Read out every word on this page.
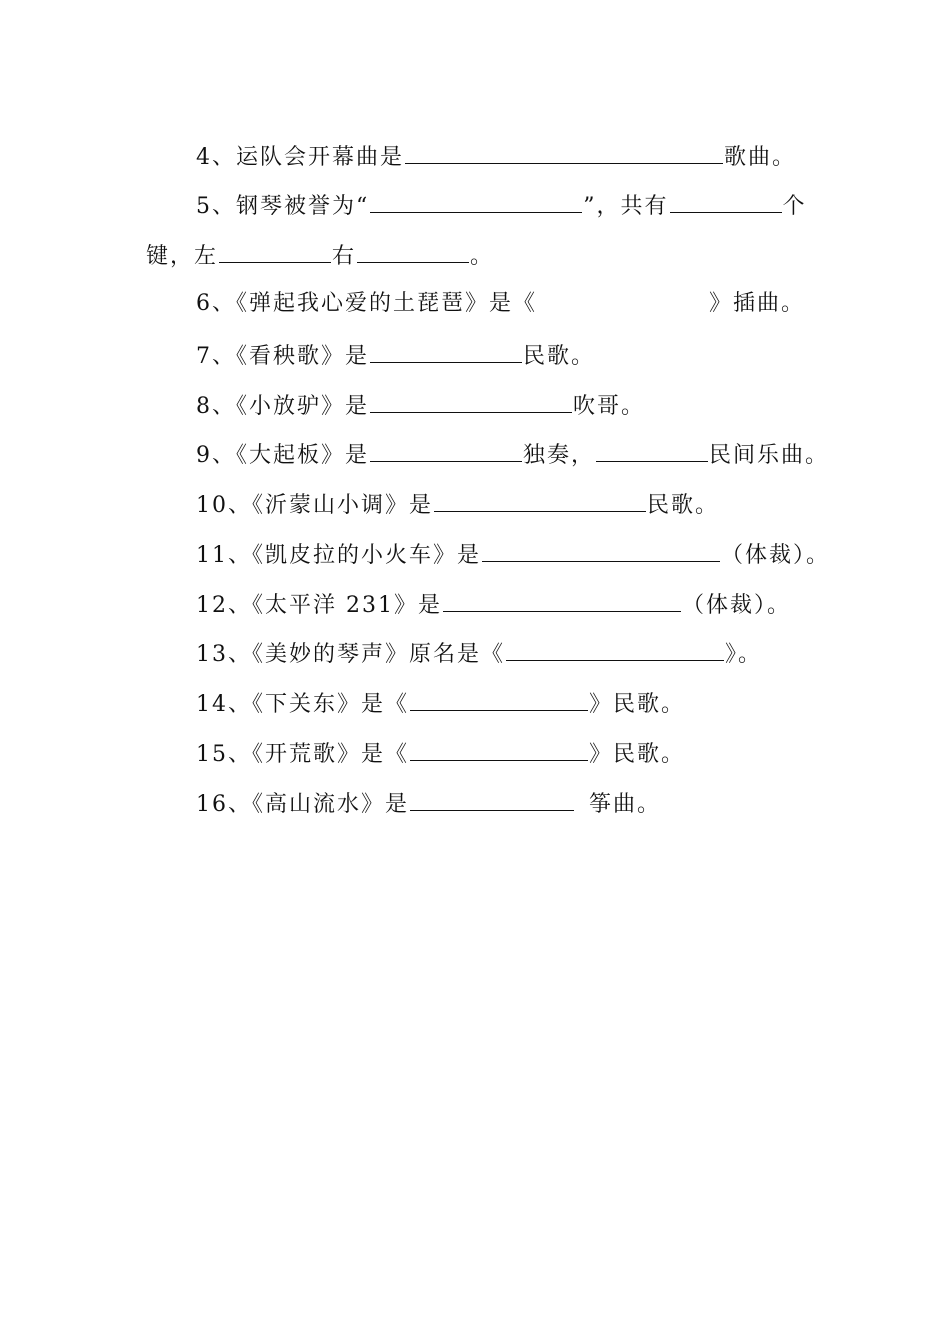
4、运队会开幕曲是	歌曲。
5、钢琴被誉为“	”，共有	个
键，左	右	。
6、《弹起我心爱的土琵琶》是《	》插曲。
7、《看秧歌》是	民歌。
8、《小放驴》是	吹哥。
9、《大起板》是	独奏，	民间乐曲。
10、《沂蒙山小调》是	民歌。
11、《凯皮拉的小火车》是	（体裁）。
12、《太平洋 231》是	（体裁）。
13、《美妙的琴声》原名是《	》。
14、《下关东》是《	》民歌。
15、《开荒歌》是《	》民歌。
16、《高山流水》是	筝曲。
